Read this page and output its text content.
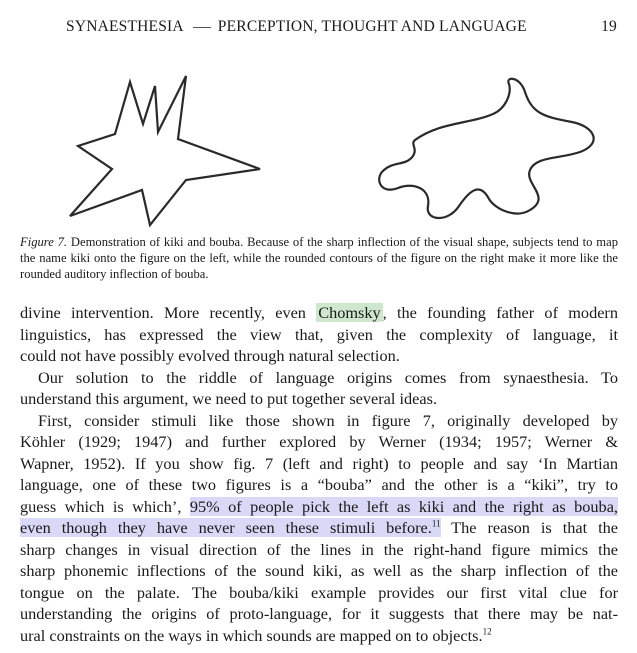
SYNAESTHESIA PERCEPTION, THOUGHT AND LANGUAGE	19
Figure 7. Demonstration of kiki and bouba. Because of the sharp inflection of the visual shape, subjects tend to map the name kiki onto the figure on the left, while the rounded contours of the figure on the right make it more like the rounded auditory inflection of bouba.
divine intervention. More recently, even Chomsky , the founding father of modern
linguistics, has expressed the view that, given the complexity of language, it
could not have possibly evolved through natural selection.
Our solution to the riddle of language origins comes from synaesthesia. To
understand this argument, we need to put together several ideas.
First, consider stimuli like those shown in figure 7, originally developed by
Köhler (1929; 1947) and further explored by Werner (1934; 1957; Werner &
Wapner, 1952). If you show fig. 7 (left and right) to people and say ‘In Martian
language, one of these two figures is a “bouba” and the other is a “kiki”, try to
guess which is which’, 95% of people pick the left as kiki and the right as bouba,
even though they have never seen these stimuli before.$^{11}$ The reason is that the
sharp changes in visual direction of the lines in the right-hand figure mimics the
sharp phonemic inflections of the sound kiki, as well as the sharp inflection of the
tongue on the palate. The bouba/kiki example provides our first vital clue for
understanding the origins of proto-language, for it suggests that there may be nat-
ural constraints on the ways in which sounds are mapped on to objects.$^{12}$
